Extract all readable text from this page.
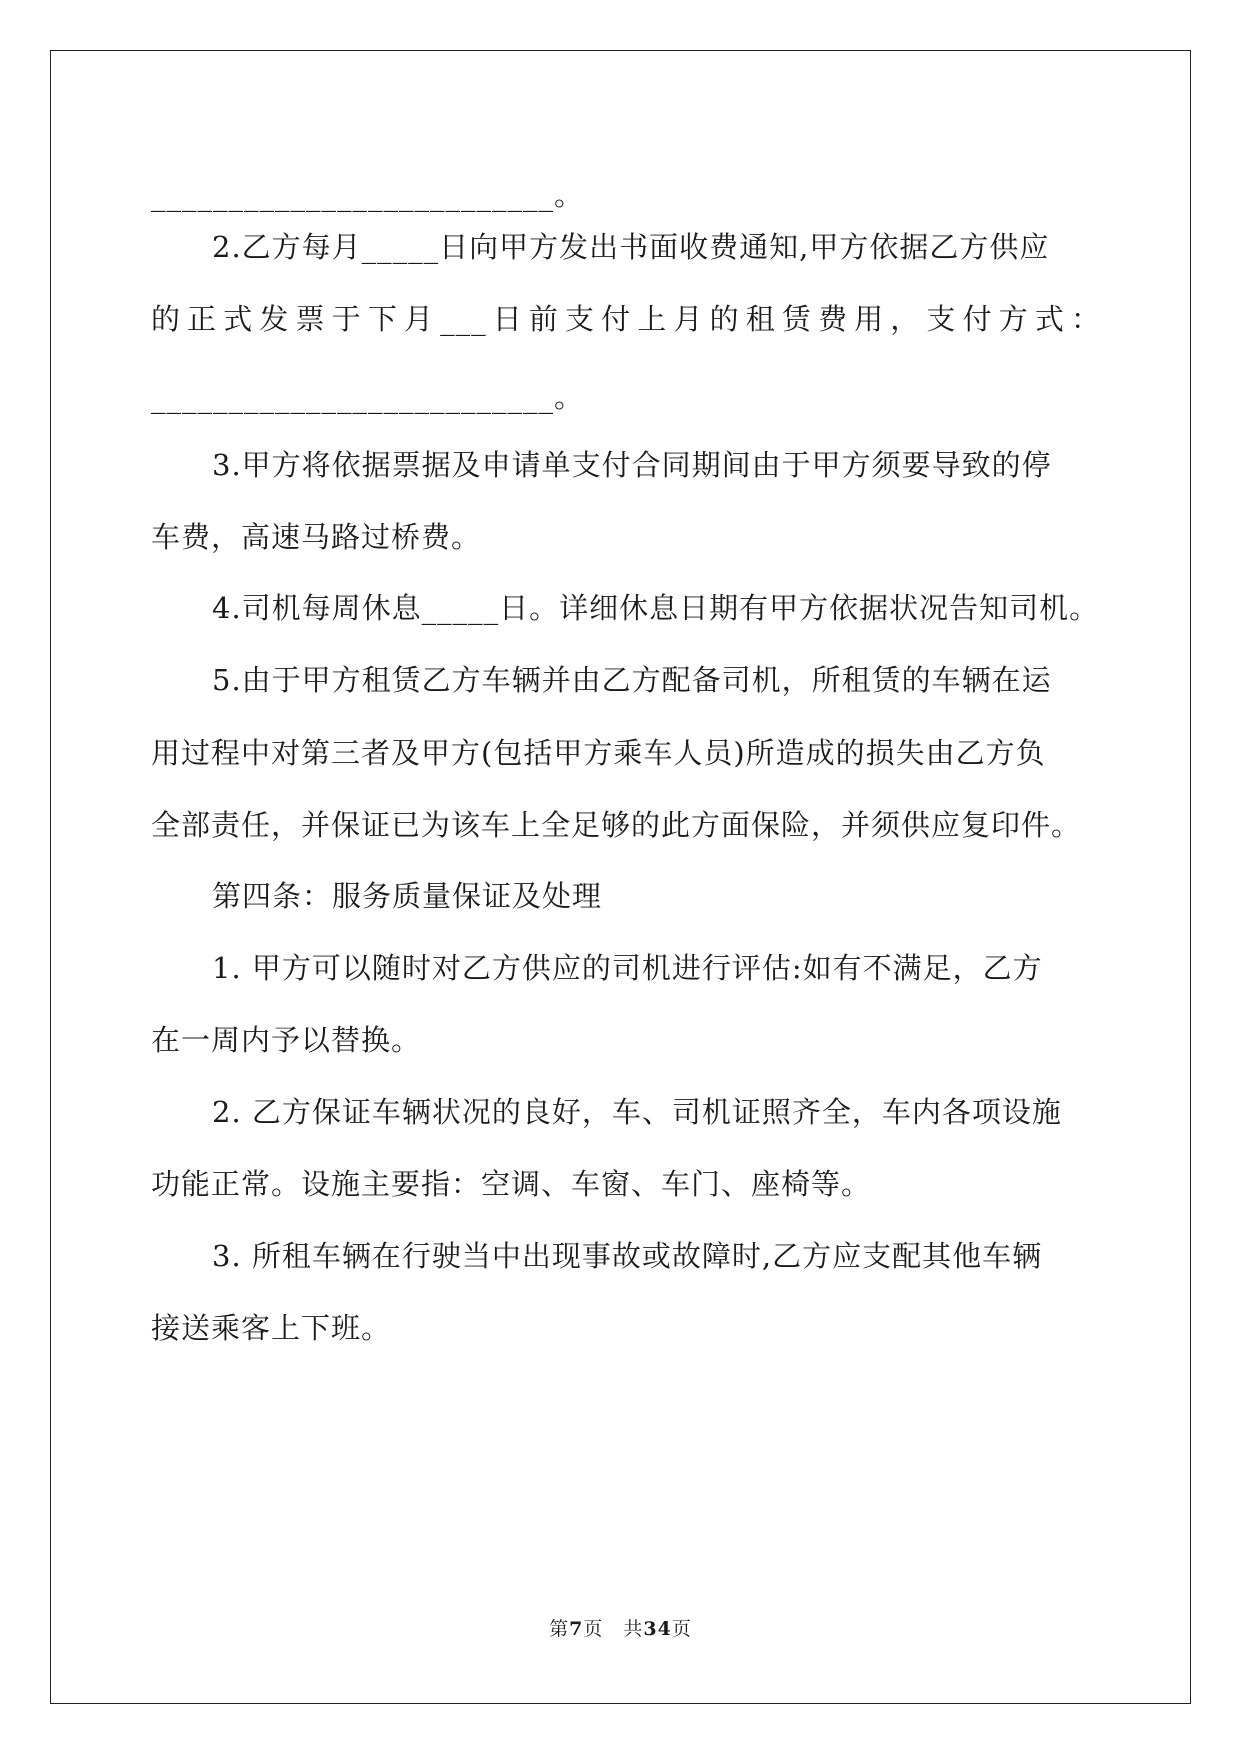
__________________________。
2.乙方每月_____日向甲方发出书面收费通知,甲方依据乙方供应
的正式发票于下月___日前支付上月的租赁费用，支付方式：
__________________________。
3.甲方将依据票据及申请单支付合同期间由于甲方须要导致的停
车费，高速马路过桥费。
4.司机每周休息_____日。详细休息日期有甲方依据状况告知司机。
5.由于甲方租赁乙方车辆并由乙方配备司机，所租赁的车辆在运
用过程中对第三者及甲方(包括甲方乘车人员)所造成的损失由乙方负
全部责任，并保证已为该车上全足够的此方面保险，并须供应复印件。
第四条：服务质量保证及处理
1. 甲方可以随时对乙方供应的司机进行评估:如有不满足，乙方
在一周内予以替换。
2. 乙方保证车辆状况的良好，车、司机证照齐全，车内各项设施
功能正常。设施主要指：空调、车窗、车门、座椅等。
3. 所租车辆在行驶当中出现事故或故障时,乙方应支配其他车辆
接送乘客上下班。
第7页　共34页
